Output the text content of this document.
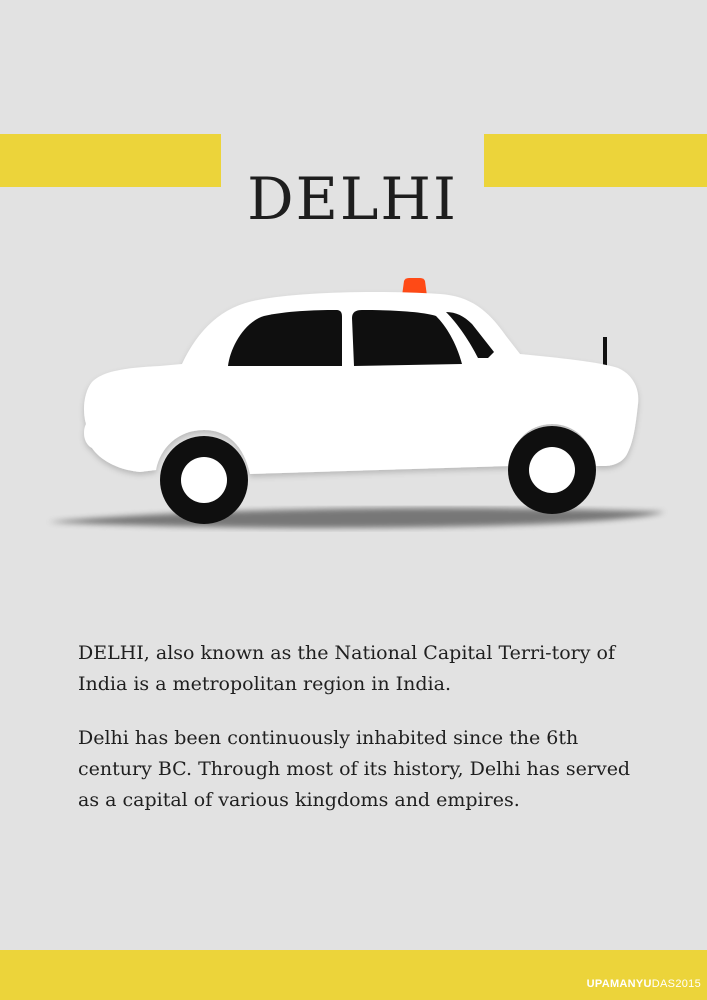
DELHI

DELHI, also known as the National Capital Terri-tory of India is a metropolitan region in India.

Delhi has been continuously inhabited since the 6th century BC. Through most of its history, Delhi has served as a capital of various kingdoms and empires.

UPAMANYUDAS2015
